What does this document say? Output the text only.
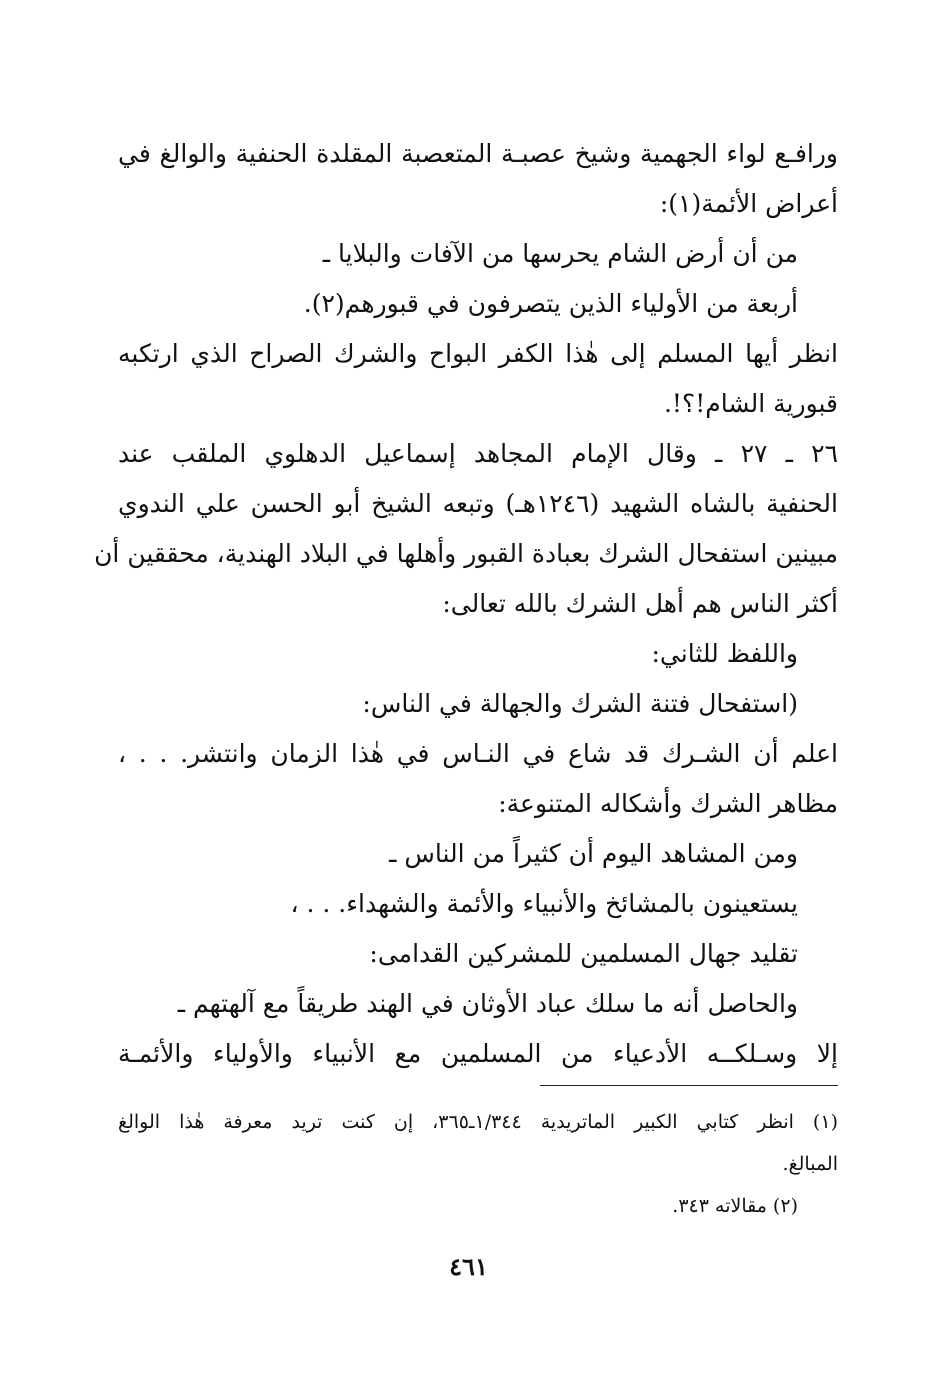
ورافـع لواء الجهمية وشيخ عصبـة المتعصبة المقلدة الحنفية والوالغ في
أعراض الأئمة(١):
من أن أرض الشام يحرسها من الآفات والبلايا ـ
أربعة من الأولياء الذين يتصرفون في قبورهم(٢).
انظر أيها المسلم إلى هٰذا الكفر البواح والشرك الصراح الذي ارتكبه
قبورية الشام!؟!.
٢٦ ـ ٢٧ ـ وقال الإمام المجاهد إسماعيل الدهلوي الملقب عند
الحنفية بالشاه الشهيد (١٢٤٦هـ) وتبعه الشيخ أبو الحسن علي الندوي
مبينين استفحال الشرك بعبادة القبور وأهلها في البلاد الهندية، محققين أن
أكثر الناس هم أهل الشرك بالله تعالى:
واللفظ للثاني:
(استفحال فتنة الشرك والجهالة في الناس:
اعلم أن الشـرك قد شاع في النـاس في هٰذا الزمان وانتشر. . . ،
مظاهر الشرك وأشكاله المتنوعة:
ومن المشاهد اليوم أن كثيراً من الناس ـ
يستعينون بالمشائخ والأنبياء والأئمة والشهداء. . . ،
تقليد جهال المسلمين للمشركين القدامى:
والحاصل أنه ما سلك عباد الأوثان في الهند طريقاً مع آلهتهم ـ
إلا وسـلكــه الأدعياء من المسلمين مع الأنبياء والأولياء والأئمـة
(١) انظر كتابي الكبير الماتريدية ١/٣٤٤ـ٣٦٥، إن كنت تريد معرفة هٰذا الوالغ
المبالغ.
(٢) مقالاته ٣٤٣.
٤٦١
